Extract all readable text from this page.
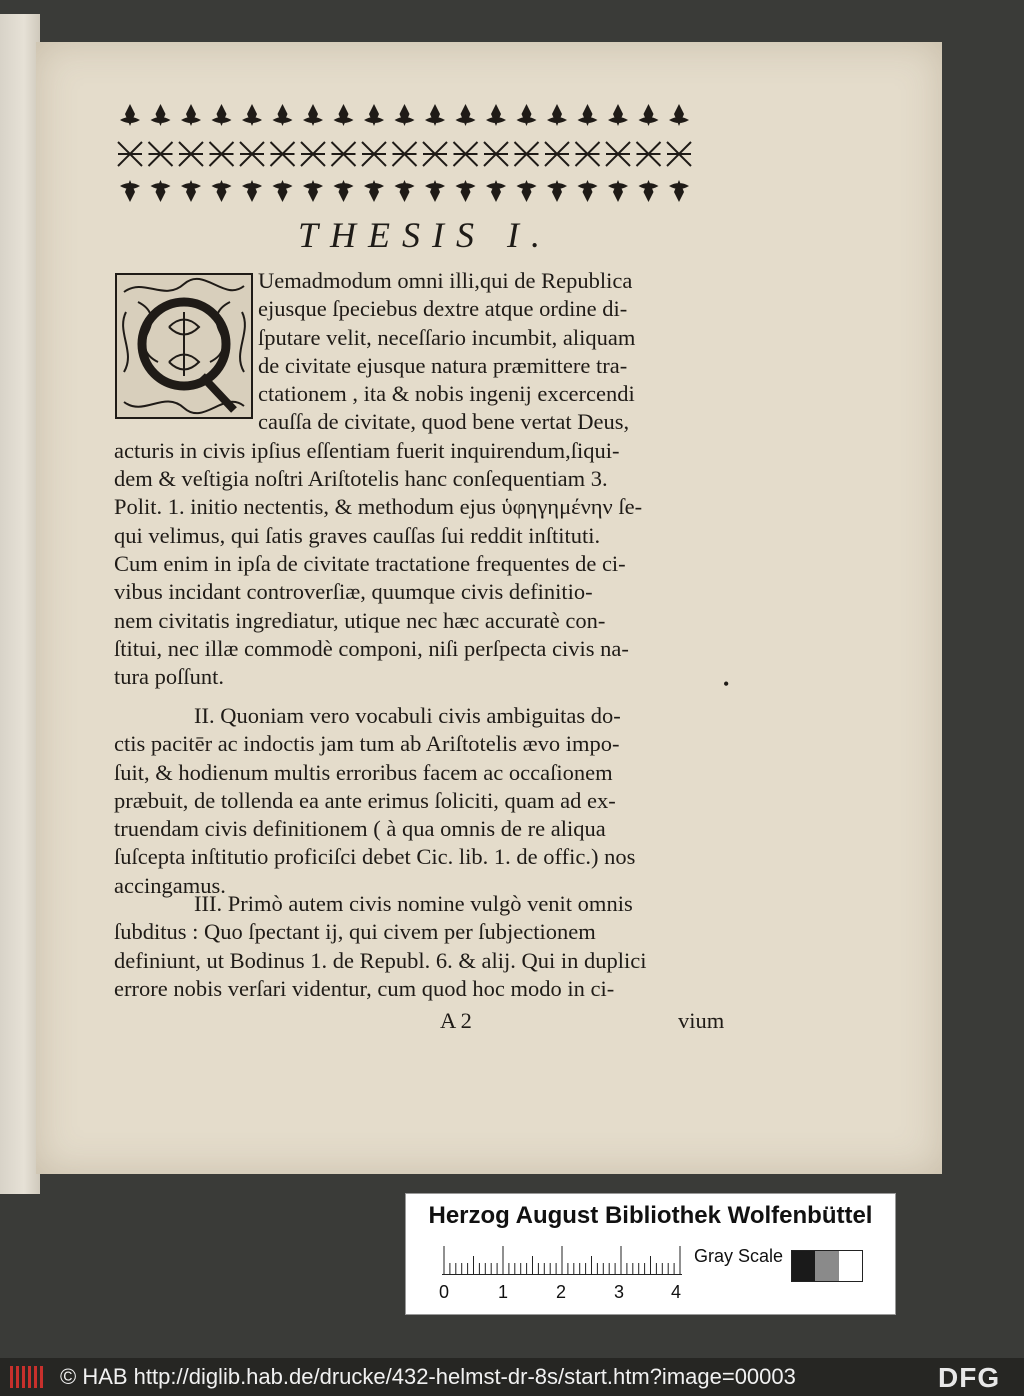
THESIS I.
Uemadmodum omni illi,qui de Republica
ejusque ſpeciebus dextre atque ordine di-
ſputare velit, neceſſario incumbit, aliquam
de civitate ejusque natura præmittere tra-
ctationem , ita & nobis ingenij excercendi
cauſſa de civitate, quod bene vertat Deus,
acturis in civis ipſius eſſentiam fuerit inquirendum,ſiqui-
dem & veſtigia noſtri Ariſtotelis hanc conſequentiam 3.
Polit. 1. initio nectentis, & methodum ejus ὑφηγημένην ſe-
qui velimus, qui ſatis graves cauſſas ſui reddit inſtituti.
Cum enim in ipſa de civitate tractatione frequentes de ci-
vibus incidant controverſiæ, quumque civis definitio-
nem civitatis ingrediatur, utique nec hæc accuratè con-
ſtitui, nec illæ commodè componi, niſi perſpecta civis na-
tura poſſunt.
II. Quoniam vero vocabuli civis ambiguitas do-
ctis pacitēr ac indoctis jam tum ab Ariſtotelis ævo impo-
ſuit, & hodienum multis erroribus facem ac occaſionem
præbuit, de tollenda ea ante erimus ſoliciti, quam ad ex-
truendam civis definitionem ( à qua omnis de re aliqua
ſuſcepta inſtitutio proficiſci debet Cic. lib. 1. de offic.) nos
accingamus.
•
III. Primò autem civis nomine vulgò venit omnis
ſubditus : Quo ſpectant ij, qui civem per ſubjectionem
definiunt, ut Bodinus 1. de Republ. 6. & alij. Qui in duplici
errore nobis verſari videntur, cum quod hoc modo in ci-
A 2	vium
Herzog August Bibliothek Wolfenbüttel
0	1	2	3	4
Gray Scale
© HAB http://diglib.hab.de/drucke/432-helmst-dr-8s/start.htm?image=00003	DFG
